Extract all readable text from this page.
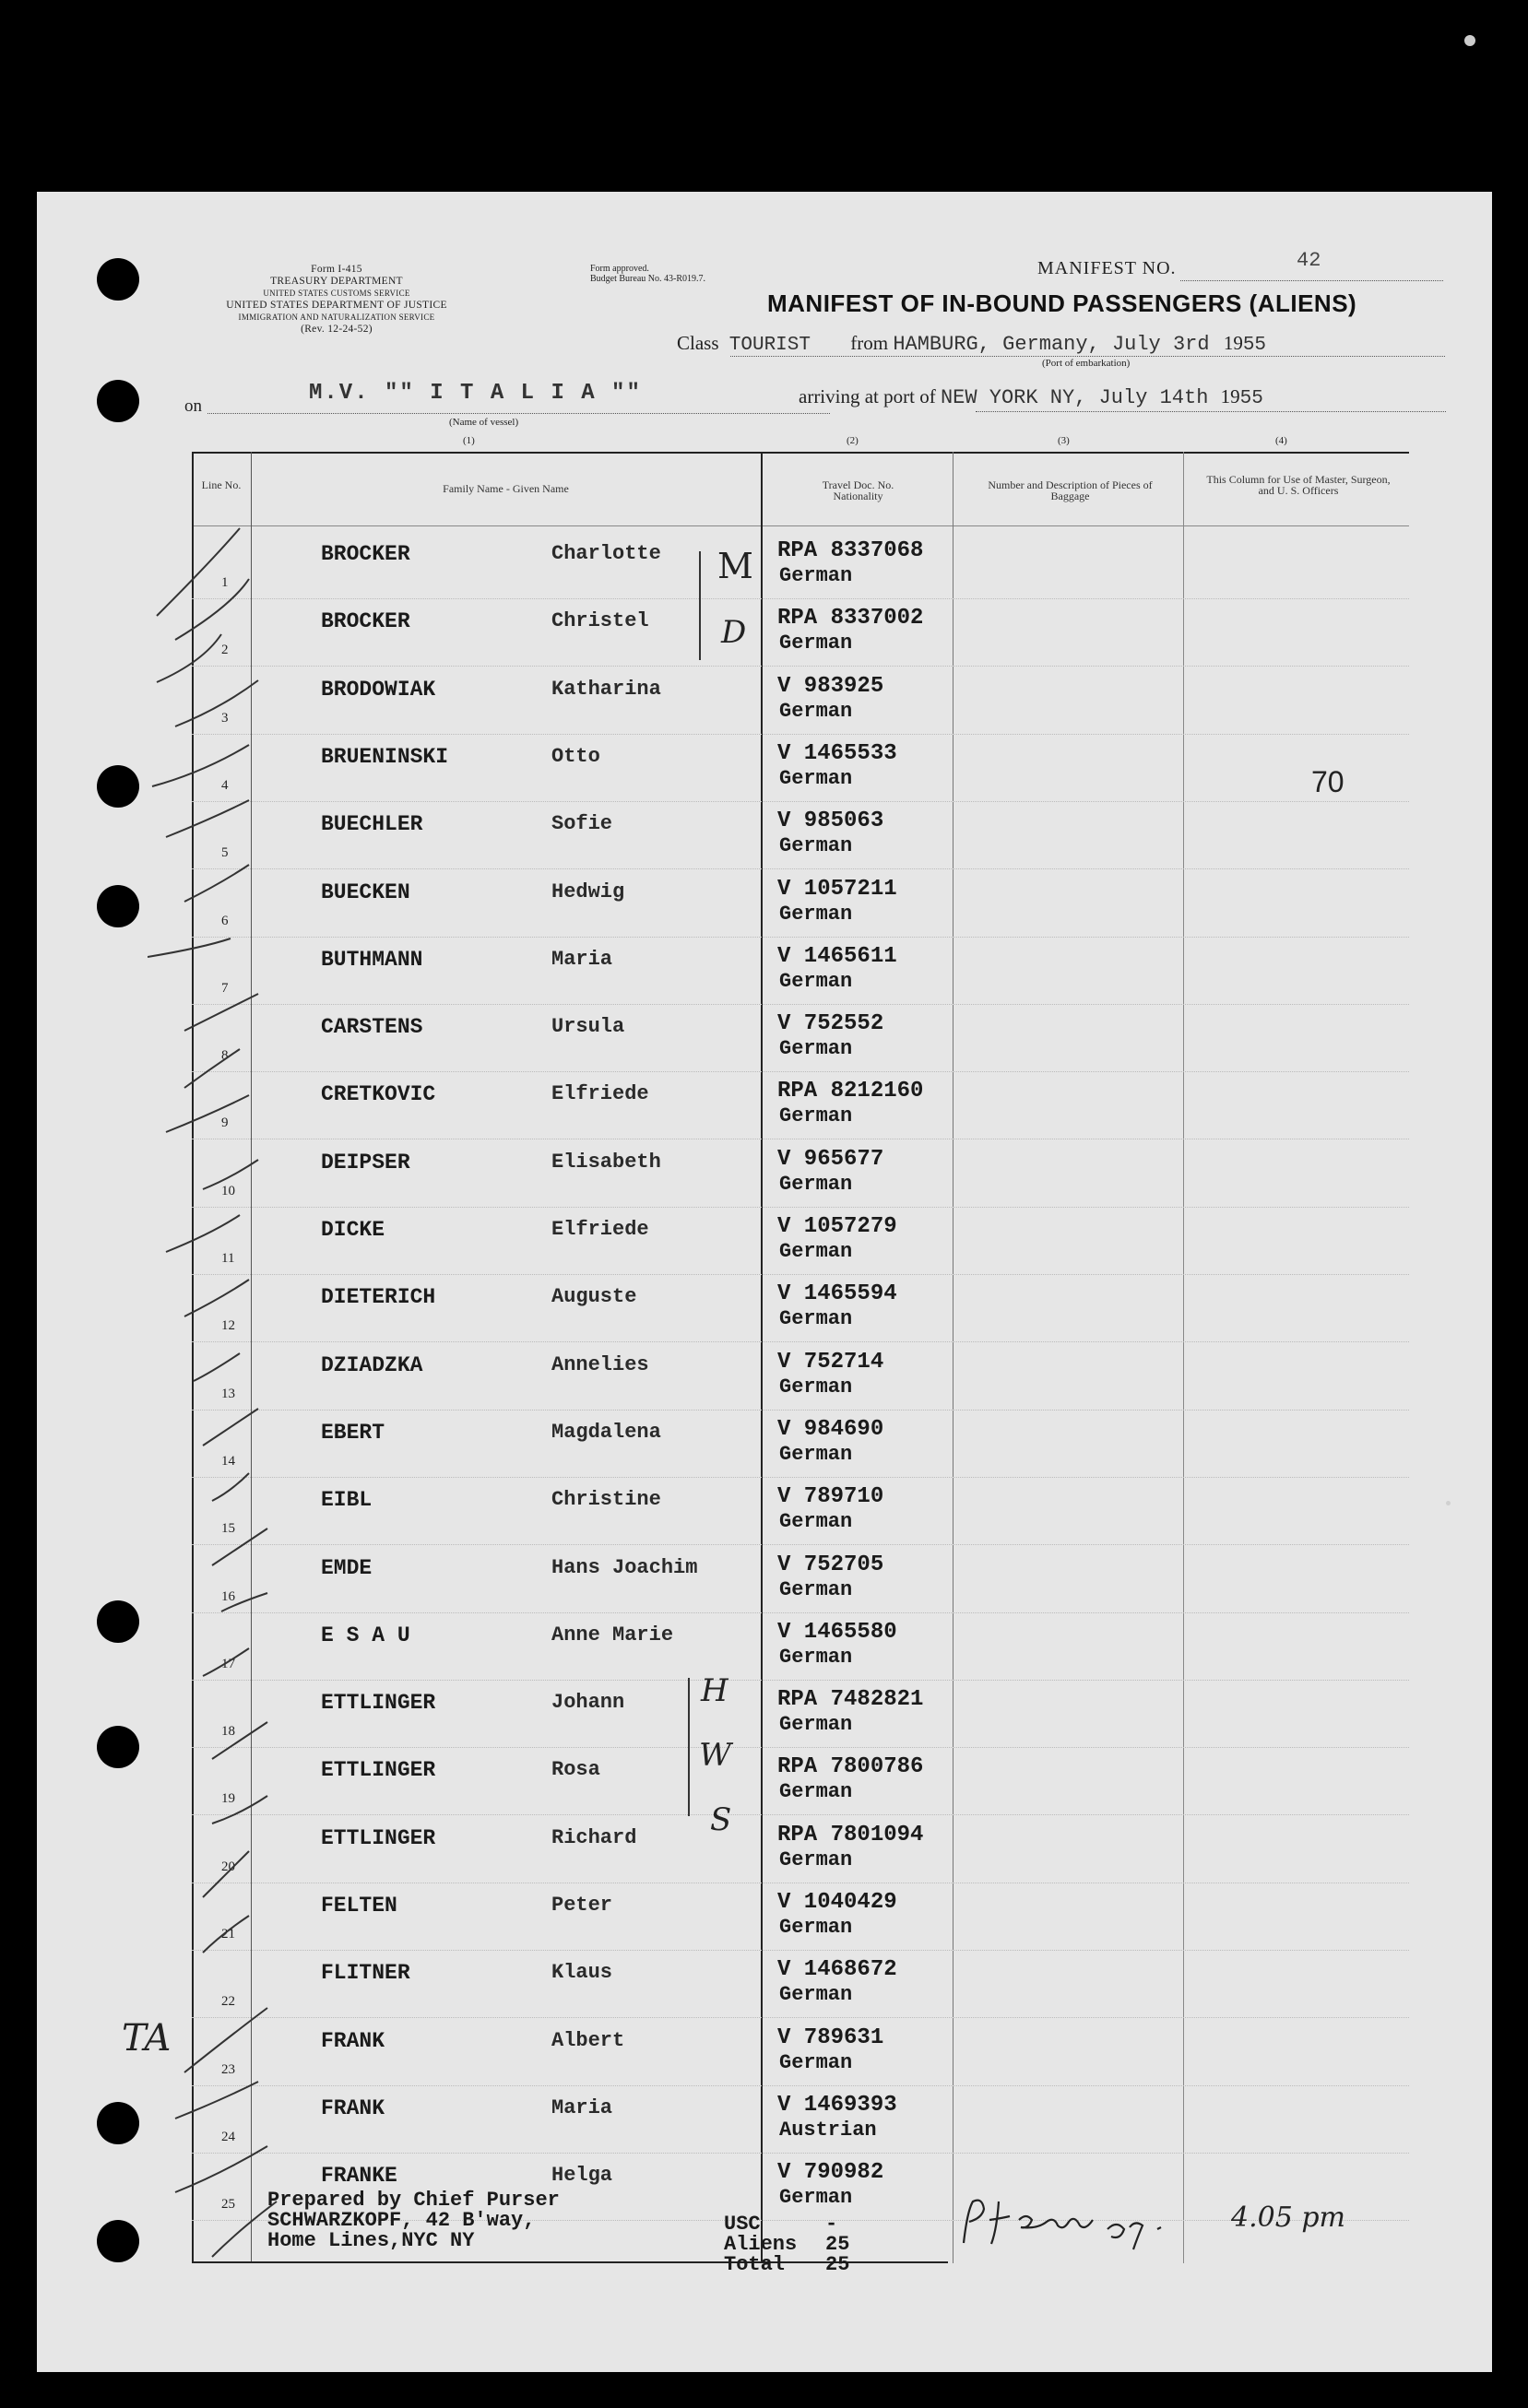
Form I-415
TREASURY DEPARTMENT
UNITED STATES CUSTOMS SERVICE
UNITED STATES DEPARTMENT OF JUSTICE
IMMIGRATION AND NATURALIZATION SERVICE
(Rev. 12-24-52)
Form approved.
Budget Bureau No. 43-R019.7.
MANIFEST NO.	42
MANIFEST OF IN-BOUND PASSENGERS (ALIENS)
Class TOURIST from HAMBURG, Germany, July 3rd 1955
(Port of embarkation)
on
M.V. "" I T A L I A ""
(Name of vessel)
arriving at port of NEW YORK NY, July 14th 1955
(1)	(2)	(3)	(4)
Line No.	Family Name - Given Name	Travel Doc. No. Nationality
Number and Description of Pieces of Baggage
This Column for Use of Master, Surgeon, and U. S. Officers
1
BROCKER	Charlotte	RPA 8337068
German
2
BROCKER	Christel	RPA 8337002
German
3
BRODOWIAK	Katharina	V 983925
German
4
BRUENINSKI	Otto	V 1465533
German
5
BUECHLER	Sofie	V 985063
German
6
BUECKEN	Hedwig	V 1057211
German
7
BUTHMANN	Maria	V 1465611
German
8
CARSTENS	Ursula	V 752552
German
9
CRETKOVIC	Elfriede	RPA 8212160
German
10
DEIPSER	Elisabeth	V 965677
German
11
DICKE	Elfriede	V 1057279
German
12
DIETERICH	Auguste	V 1465594
German
13
DZIADZKA	Annelies	V 752714
German
14
EBERT	Magdalena	V 984690
German
15
EIBL	Christine	V 789710
German
16
EMDE	Hans Joachim	V 752705
German
17
E S A U	Anne Marie	V 1465580
German
18
ETTLINGER	Johann	RPA 7482821
German
19
ETTLINGER	Rosa	RPA 7800786
German
20
ETTLINGER	Richard	RPA 7801094
German
21
FELTEN	Peter	V 1040429
German
22
FLITNER	Klaus	V 1468672
German
23
FRANK	Albert	V 789631
German
24
FRANK	Maria	V 1469393
Austrian
25
FRANKE	Helga	V 790982
German
70
TA
M
D
H
W
S
Prepared by Chief Purser
SCHWARZKOPF, 42 B'way,
Home Lines,NYC NY
USC	-
Aliens 25
Total 25
4.05 pm
